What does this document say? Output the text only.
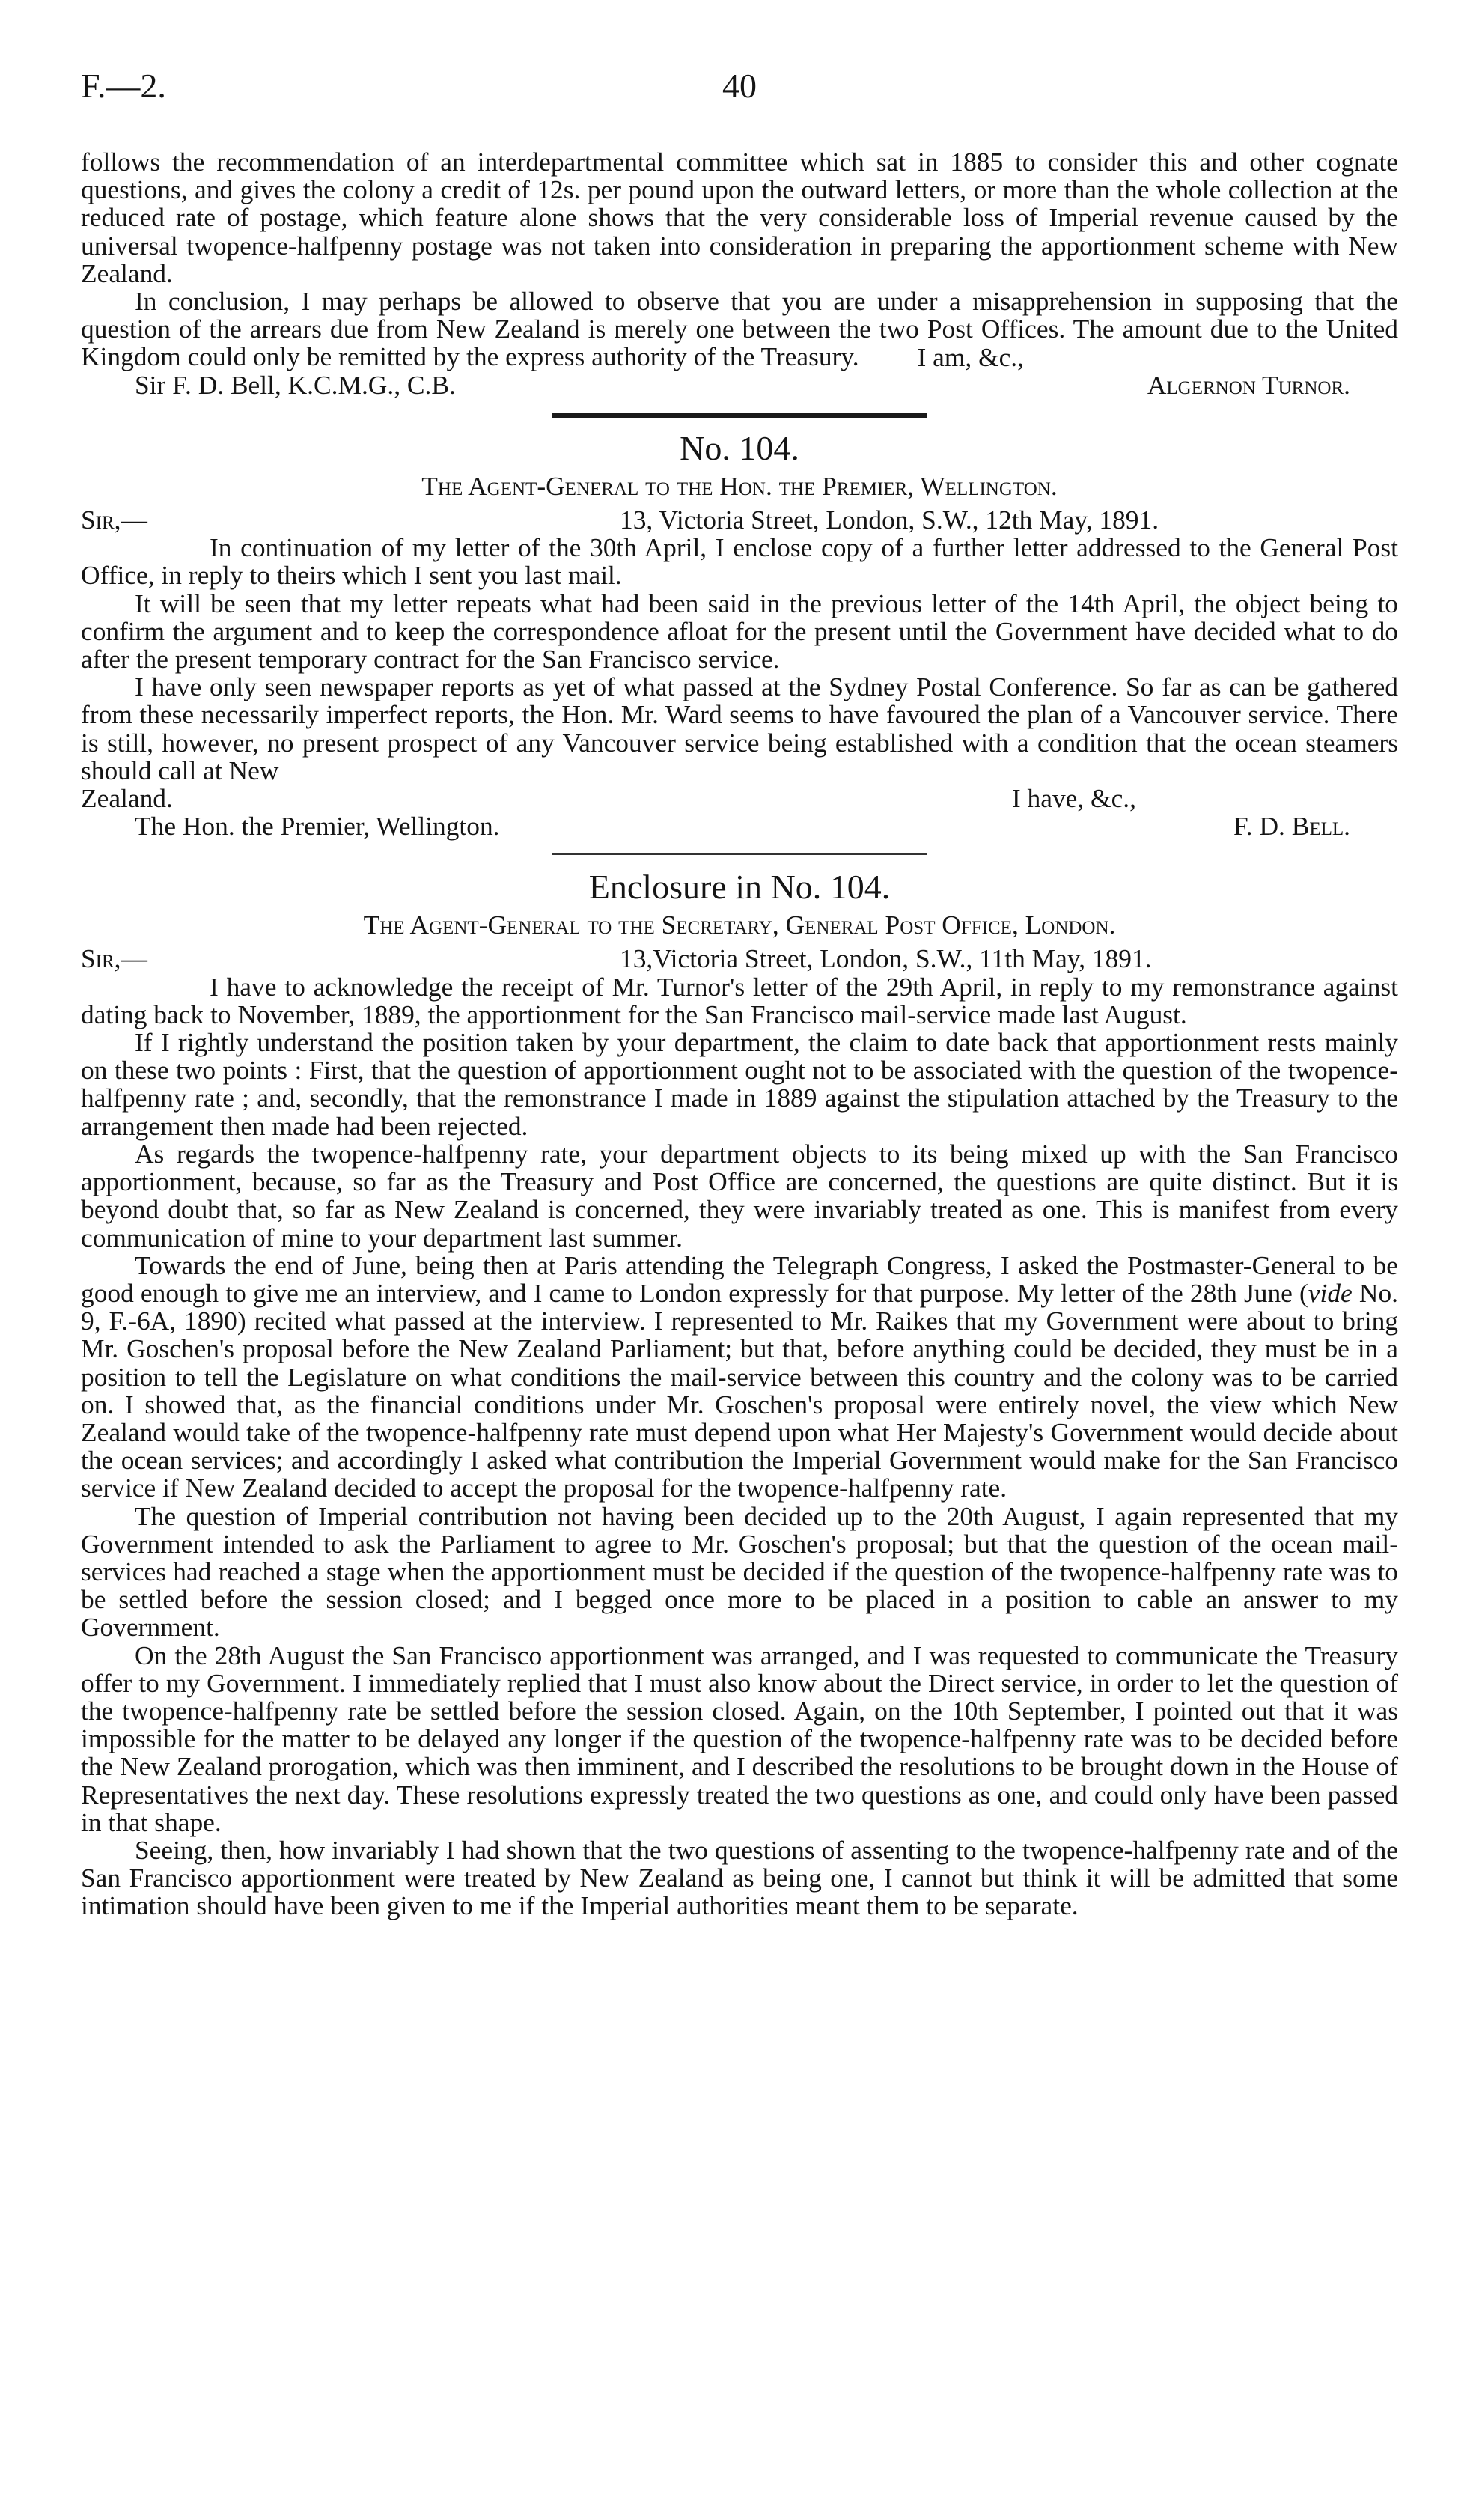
40
F.—2.

follows the recommendation of an interdepartmental committee which sat in 1885 to consider this and other cognate questions, and gives the colony a credit of 12s. per pound upon the outward letters, or more than the whole collection at the reduced rate of postage, which feature alone shows that the very considerable loss of Imperial revenue caused by the universal twopence-halfpenny postage was not taken into consideration in preparing the apportionment scheme with New Zealand.

In conclusion, I may perhaps be allowed to observe that you are under a misapprehension in supposing that the question of the arrears due from New Zealand is merely one between the two Post Offices. The amount due to the United Kingdom could only be remitted by the express authority of the Treasury.	I am, &c.,
Sir F. D. Bell, K.C.M.G., C.B.	Algernon Turnor.
No. 104.
The Agent-General to the Hon. the Premier, Wellington.
Sir,—	13, Victoria Street, London, S.W., 12th May, 1891.

In continuation of my letter of the 30th April, I enclose copy of a further letter addressed to the General Post Office, in reply to theirs which I sent you last mail.

It will be seen that my letter repeats what had been said in the previous letter of the 14th April, the object being to confirm the argument and to keep the correspondence afloat for the present until the Government have decided what to do after the present temporary contract for the San Francisco service.

I have only seen newspaper reports as yet of what passed at the Sydney Postal Conference. So far as can be gathered from these necessarily imperfect reports, the Hon. Mr. Ward seems to have favoured the plan of a Vancouver service. There is still, however, no present prospect of any Vancouver service being established with a condition that the ocean steamers should call at New

Zealand.	I have, &c.,
The Hon. the Premier, Wellington.	F. D. Bell.
Enclosure in No. 104.
The Agent-General to the Secretary, General Post Office, London.
Sir,—	13,Victoria Street, London, S.W., 11th May, 1891.

I have to acknowledge the receipt of Mr. Turnor's letter of the 29th April, in reply to my remonstrance against dating back to November, 1889, the apportionment for the San Francisco mail-service made last August.

If I rightly understand the position taken by your department, the claim to date back that apportionment rests mainly on these two points : First, that the question of apportionment ought not to be associated with the question of the twopence-halfpenny rate ; and, secondly, that the remonstrance I made in 1889 against the stipulation attached by the Treasury to the arrangement then made had been rejected.

As regards the twopence-halfpenny rate, your department objects to its being mixed up with the San Francisco apportionment, because, so far as the Treasury and Post Office are concerned, the questions are quite distinct. But it is beyond doubt that, so far as New Zealand is concerned, they were invariably treated as one. This is manifest from every communication of mine to your department last summer.

Towards the end of June, being then at Paris attending the Telegraph Congress, I asked the Postmaster-General to be good enough to give me an interview, and I came to London expressly for that purpose. My letter of the 28th June (vide No. 9, F.-6A, 1890) recited what passed at the interview. I represented to Mr. Raikes that my Government were about to bring Mr. Goschen's proposal before the New Zealand Parliament; but that, before anything could be decided, they must be in a position to tell the Legislature on what conditions the mail-service between this country and the colony was to be carried on. I showed that, as the financial conditions under Mr. Goschen's proposal were entirely novel, the view which New Zealand would take of the twopence-halfpenny rate must depend upon what Her Majesty's Government would decide about the ocean services; and accordingly I asked what contribution the Imperial Government would make for the San Francisco service if New Zealand decided to accept the proposal for the twopence-halfpenny rate.

The question of Imperial contribution not having been decided up to the 20th August, I again represented that my Government intended to ask the Parliament to agree to Mr. Goschen's proposal; but that the question of the ocean mail-services had reached a stage when the apportionment must be decided if the question of the twopence-halfpenny rate was to be settled before the session closed; and I begged once more to be placed in a position to cable an answer to my Government.

On the 28th August the San Francisco apportionment was arranged, and I was requested to communicate the Treasury offer to my Government. I immediately replied that I must also know about the Direct service, in order to let the question of the twopence-halfpenny rate be settled before the session closed. Again, on the 10th September, I pointed out that it was impossible for the matter to be delayed any longer if the question of the twopence-halfpenny rate was to be decided before the New Zealand prorogation, which was then imminent, and I described the resolutions to be brought down in the House of Representatives the next day. These resolutions expressly treated the two questions as one, and could only have been passed in that shape.

Seeing, then, how invariably I had shown that the two questions of assenting to the twopence-halfpenny rate and of the San Francisco apportionment were treated by New Zealand as being one, I cannot but think it will be admitted that some intimation should have been given to me if the Imperial authorities meant them to be separate.
